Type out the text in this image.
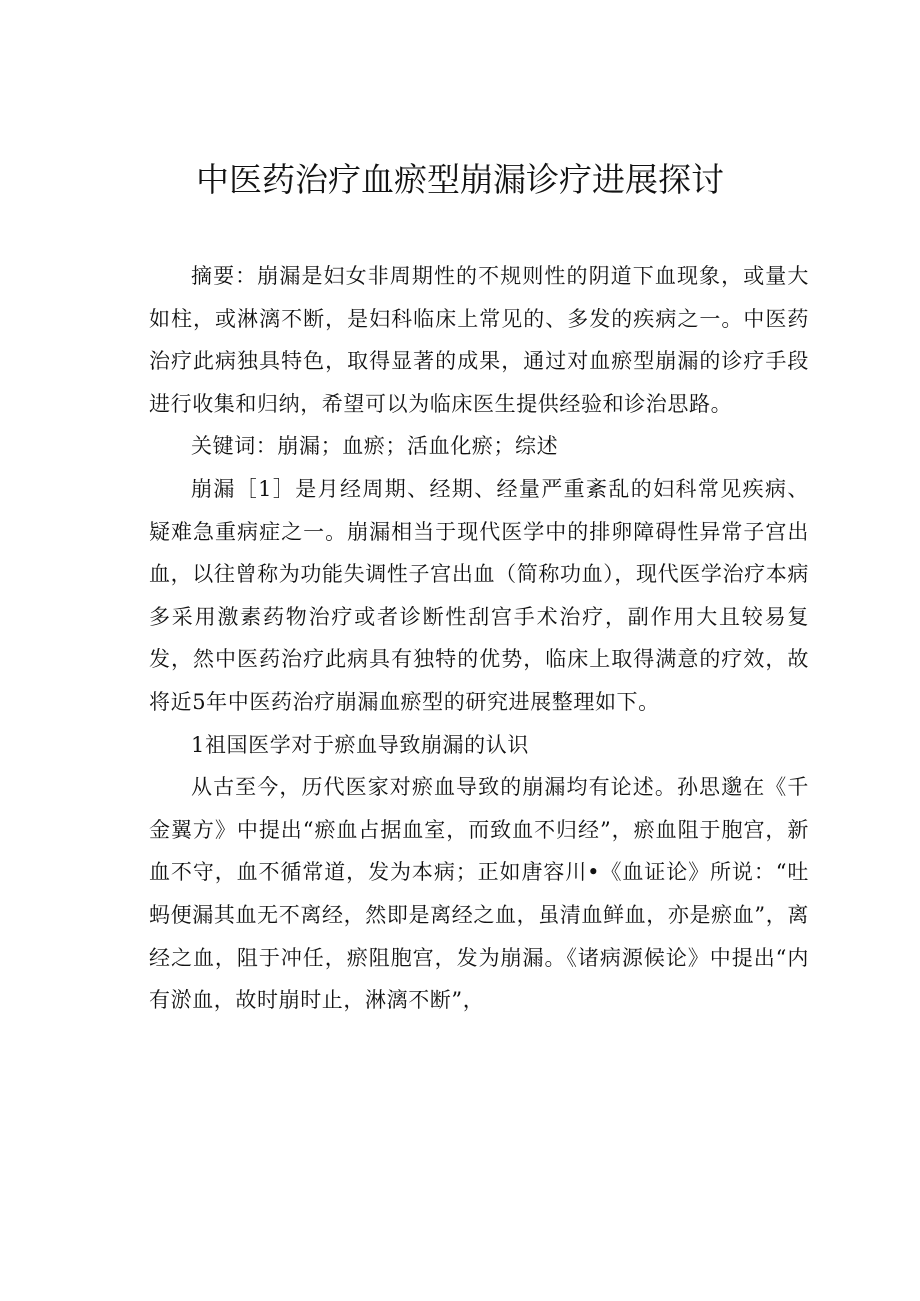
中医药治疗血瘀型崩漏诊疗进展探讨

摘要：崩漏是妇女非周期性的不规则性的阴道下血现象，或量大如柱，或淋漓不断，是妇科临床上常见的、多发的疾病之一。中医药治疗此病独具特色，取得显著的成果，通过对血瘀型崩漏的诊疗手段进行收集和归纳，希望可以为临床医生提供经验和诊治思路。

关键词：崩漏；血瘀；活血化瘀；综述

崩漏［1］是月经周期、经期、经量严重紊乱的妇科常见疾病、疑难急重病症之一。崩漏相当于现代医学中的排卵障碍性异常子宫出血，以往曾称为功能失调性子宫出血（简称功血），现代医学治疗本病多采用激素药物治疗或者诊断性刮宫手术治疗，副作用大且较易复发，然中医药治疗此病具有独特的优势，临床上取得满意的疗效，故将近5年中医药治疗崩漏血瘀型的研究进展整理如下。

1祖国医学对于瘀血导致崩漏的认识

从古至今，历代医家对瘀血导致的崩漏均有论述。孙思邈在《千金翼方》中提出“瘀血占据血室，而致血不归经”，瘀血阻于胞宫，新血不守，血不循常道，发为本病；正如唐容川•《血证论》所说：“吐蚂便漏其血无不离经，然即是离经之血，虽清血鲜血，亦是瘀血”，离经之血，阻于冲任，瘀阻胞宫，发为崩漏。《诸病源候论》中提出“内有淤血，故时崩时止，淋漓不断”，
